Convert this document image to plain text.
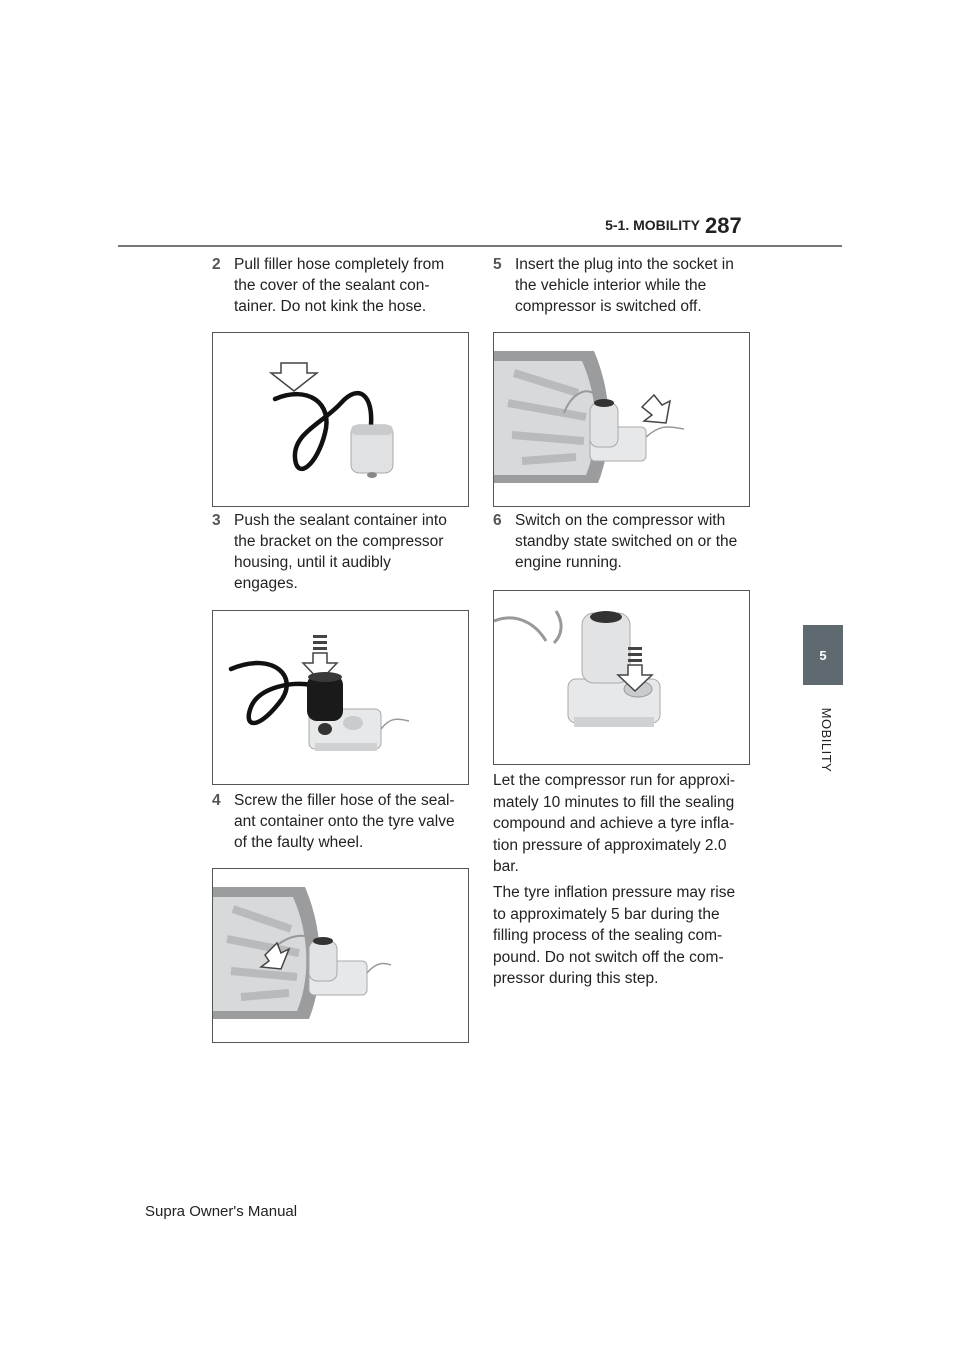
5-1. MOBILITY 287
5
MOBILITY
2 Pull filler hose completely from
the cover of the sealant con-
tainer. Do not kink the hose.
3 Push the sealant container into
the bracket on the compressor
housing, until it audibly
engages.
4 Screw the filler hose of the seal-
ant container onto the tyre valve
of the faulty wheel.
5 Insert the plug into the socket in
the vehicle interior while the
compressor is switched off.
6 Switch on the compressor with
standby state switched on or the
engine running.
Let the compressor run for approxi-
mately 10 minutes to fill the sealing
compound and achieve a tyre infla-
tion pressure of approximately 2.0
bar.
The tyre inflation pressure may rise
to approximately 5 bar during the
filling process of the sealing com-
pound. Do not switch off the com-
pressor during this step.
Supra Owner's Manual
